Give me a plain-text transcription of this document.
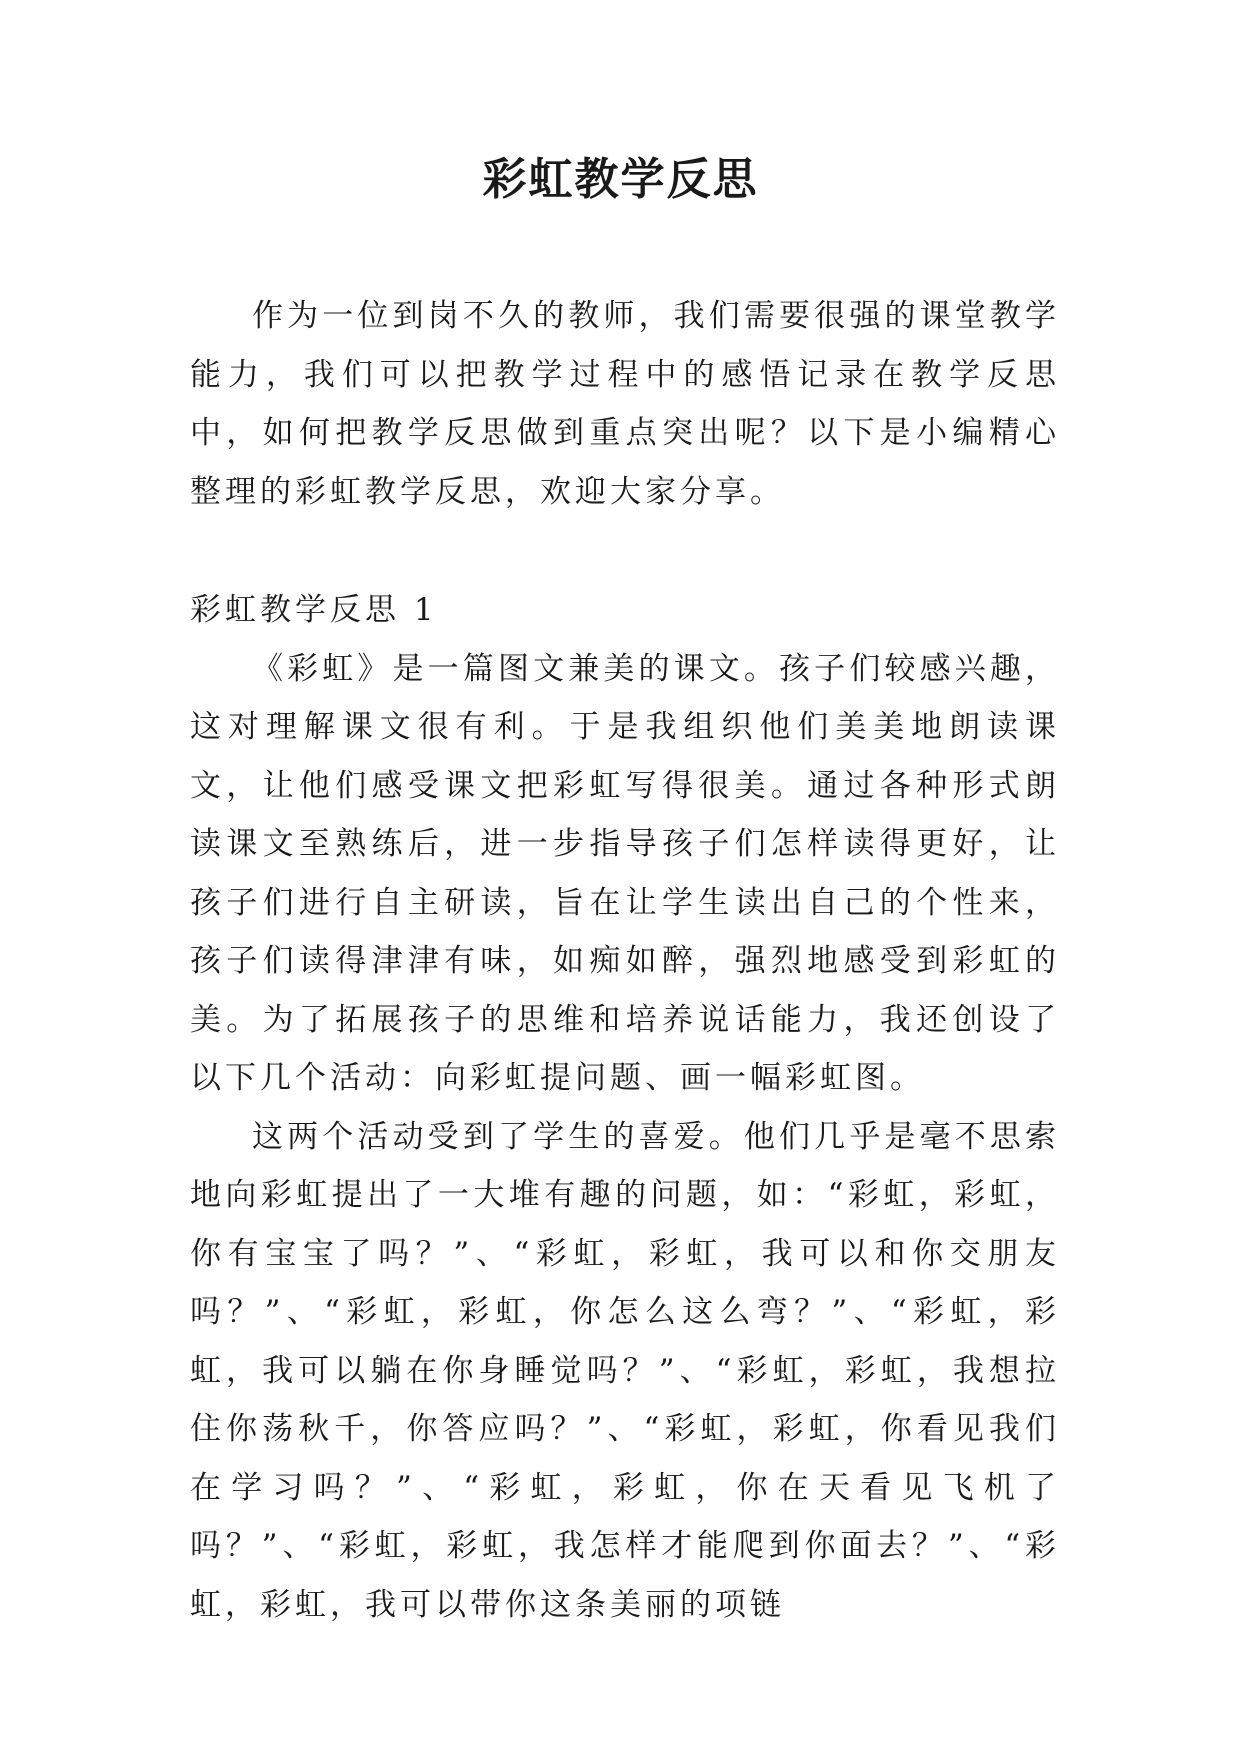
彩虹教学反思

作为一位到岗不久的教师，我们需要很强的课堂教学能力，我们可以把教学过程中的感悟记录在教学反思中，如何把教学反思做到重点突出呢？以下是小编精心整理的彩虹教学反思，欢迎大家分享。

彩虹教学反思 1

《彩虹》是一篇图文兼美的课文。孩子们较感兴趣，这对理解课文很有利。于是我组织他们美美地朗读课文，让他们感受课文把彩虹写得很美。通过各种形式朗读课文至熟练后，进一步指导孩子们怎样读得更好，让孩子们进行自主研读，旨在让学生读出自己的个性来，孩子们读得津津有味，如痴如醉，强烈地感受到彩虹的美。为了拓展孩子的思维和培养说话能力，我还创设了以下几个活动：向彩虹提问题、画一幅彩虹图。

这两个活动受到了学生的喜爱。他们几乎是毫不思索地向彩虹提出了一大堆有趣的问题，如：“彩虹，彩虹，你有宝宝了吗？”、“彩虹，彩虹，我可以和你交朋友吗？”、“彩虹，彩虹，你怎么这么弯？”、“彩虹，彩虹，我可以躺在你身睡觉吗？”、“彩虹，彩虹，我想拉住你荡秋千，你答应吗？”、“彩虹，彩虹，你看见我们在学习吗？”、“彩虹，彩虹，你在天看见飞机了吗？”、“彩虹，彩虹，我怎样才能爬到你面去？”、“彩虹，彩虹，我可以带你这条美丽的项链
